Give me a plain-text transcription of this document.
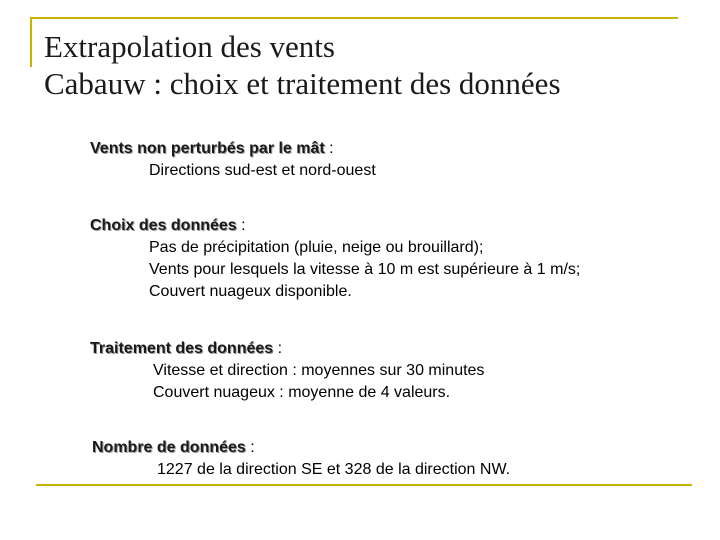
Extrapolation des vents
Cabauw : choix et traitement des données
Vents non perturbés par le mât :
Directions sud-est et nord-ouest
Choix des données :
Pas de précipitation (pluie, neige ou brouillard);
Vents pour lesquels la vitesse à 10 m est supérieure à 1 m/s;
Couvert nuageux disponible.
Traitement des données :
Vitesse et direction : moyennes sur 30 minutes
Couvert nuageux : moyenne de 4 valeurs.
Nombre de données :
1227 de la direction SE et 328 de la direction NW.
